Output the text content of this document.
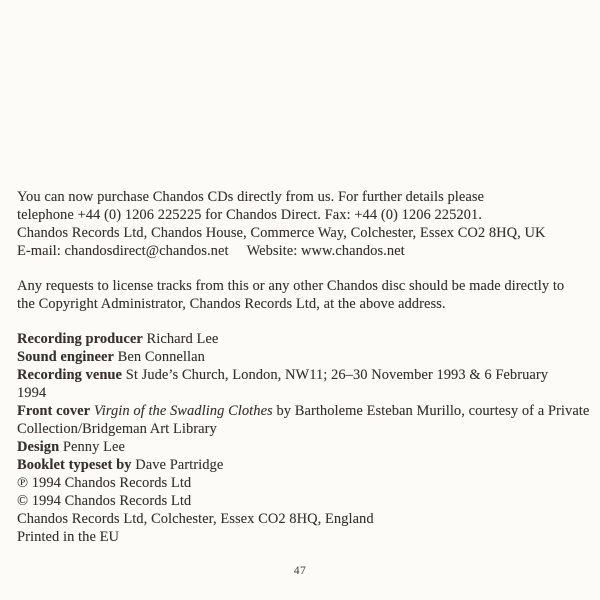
You can now purchase Chandos CDs directly from us. For further details please
telephone +44 (0) 1206 225225 for Chandos Direct. Fax: +44 (0) 1206 225201.
Chandos Records Ltd, Chandos House, Commerce Way, Colchester, Essex CO2 8HQ, UK
E-mail: chandosdirect@chandos.net Website: www.chandos.net

Any requests to license tracks from this or any other Chandos disc should be made directly to
the Copyright Administrator, Chandos Records Ltd, at the above address.

Recording producer Richard Lee
Sound engineer Ben Connellan
Recording venue St Jude’s Church, London, NW11; 26–30 November 1993 & 6 February
1994
Front cover Virgin of the Swadling Clothes by Bartholeme Esteban Murillo, courtesy of a Private
Collection/Bridgeman Art Library
Design Penny Lee
Booklet typeset by Dave Partridge
℗ 1994 Chandos Records Ltd
© 1994 Chandos Records Ltd
Chandos Records Ltd, Colchester, Essex CO2 8HQ, England
Printed in the EU
47
